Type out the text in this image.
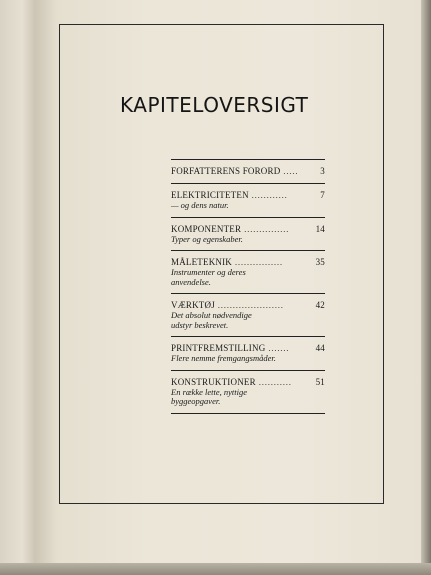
KAPITELOVERSIGT
FORFATTERENS FORORD .....	3
ELEKTRICITETEN ............	7
— og dens natur.
KOMPONENTER ...............	14
Typer og egenskaber.
MÅLETEKNIK ................	35
Instrumenter og deres
anvendelse.
VÆRKTØJ ......................	42
Det absolut nødvendige
udstyr beskrevet.
PRINTFREMSTILLING .......	44
Flere nemme fremgangsmåder.
KONSTRUKTIONER ...........	51
En række lette, nyttige
byggeopgaver.
